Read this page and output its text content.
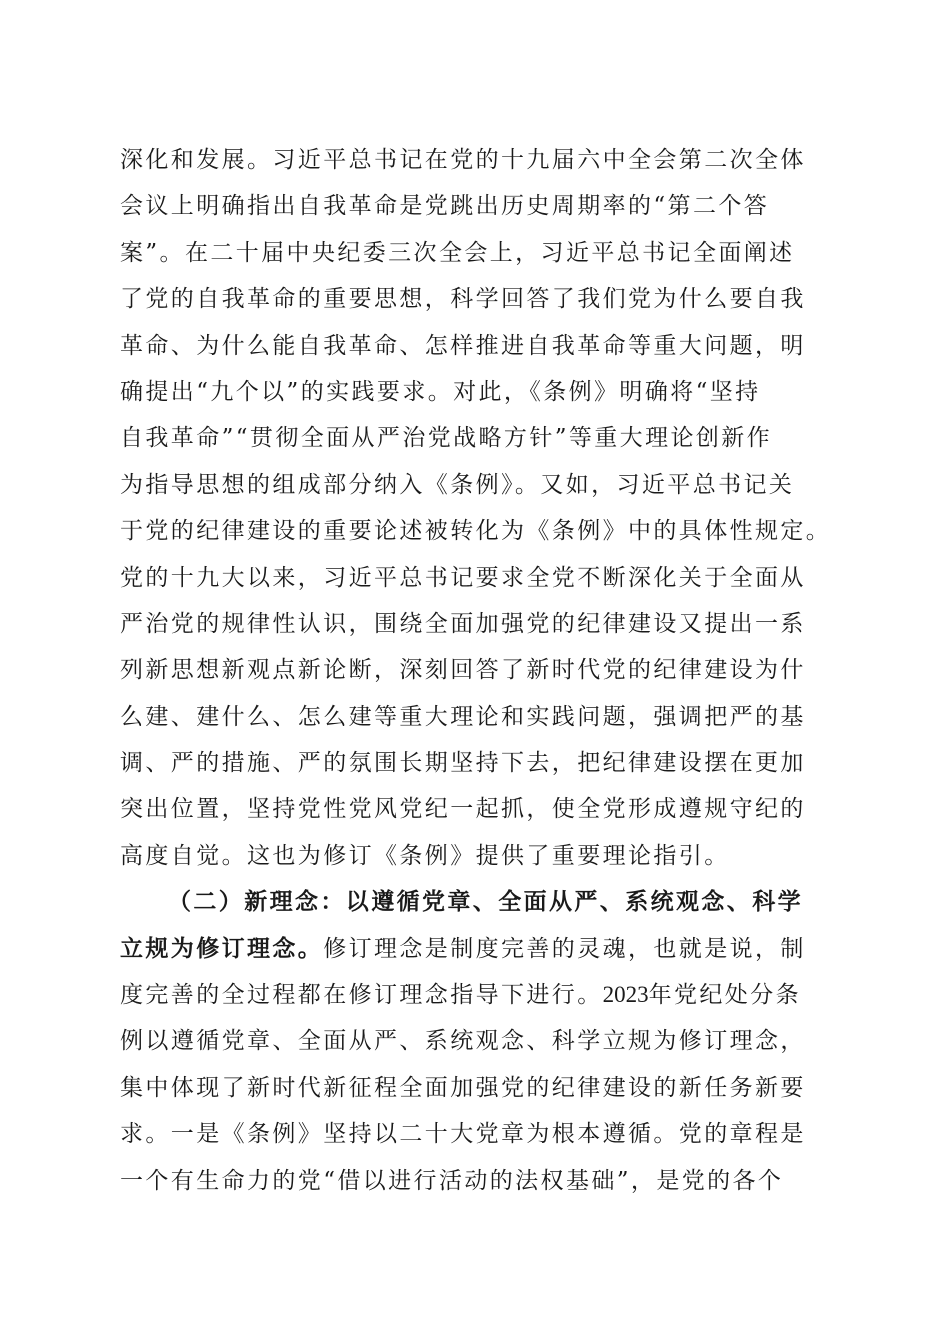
深化和发展。习近平总书记在党的十九届六中全会第二次全体
会议上明确指出自我革命是党跳出历史周期率的“第二个答
案”。在二十届中央纪委三次全会上，习近平总书记全面阐述
了党的自我革命的重要思想，科学回答了我们党为什么要自我
革命、为什么能自我革命、怎样推进自我革命等重大问题，明
确提出“九个以”的实践要求。对此，《条例》明确将“坚持
自我革命”“贯彻全面从严治党战略方针”等重大理论创新作
为指导思想的组成部分纳入《条例》。又如，习近平总书记关
于党的纪律建设的重要论述被转化为《条例》中的具体性规定。
党的十九大以来，习近平总书记要求全党不断深化关于全面从
严治党的规律性认识，围绕全面加强党的纪律建设又提出一系
列新思想新观点新论断，深刻回答了新时代党的纪律建设为什
么建、建什么、怎么建等重大理论和实践问题，强调把严的基
调、严的措施、严的氛围长期坚持下去，把纪律建设摆在更加
突出位置，坚持党性党风党纪一起抓，使全党形成遵规守纪的
高度自觉。这也为修订《条例》提供了重要理论指引。
（二）新理念：以遵循党章、全面从严、系统观念、科学
立规为修订理念。修订理念是制度完善的灵魂，也就是说，制
度完善的全过程都在修订理念指导下进行。2023年党纪处分条
例以遵循党章、全面从严、系统观念、科学立规为修订理念，
集中体现了新时代新征程全面加强党的纪律建设的新任务新要
求。一是《条例》坚持以二十大党章为根本遵循。党的章程是
一个有生命力的党“借以进行活动的法权基础”，是党的各个
